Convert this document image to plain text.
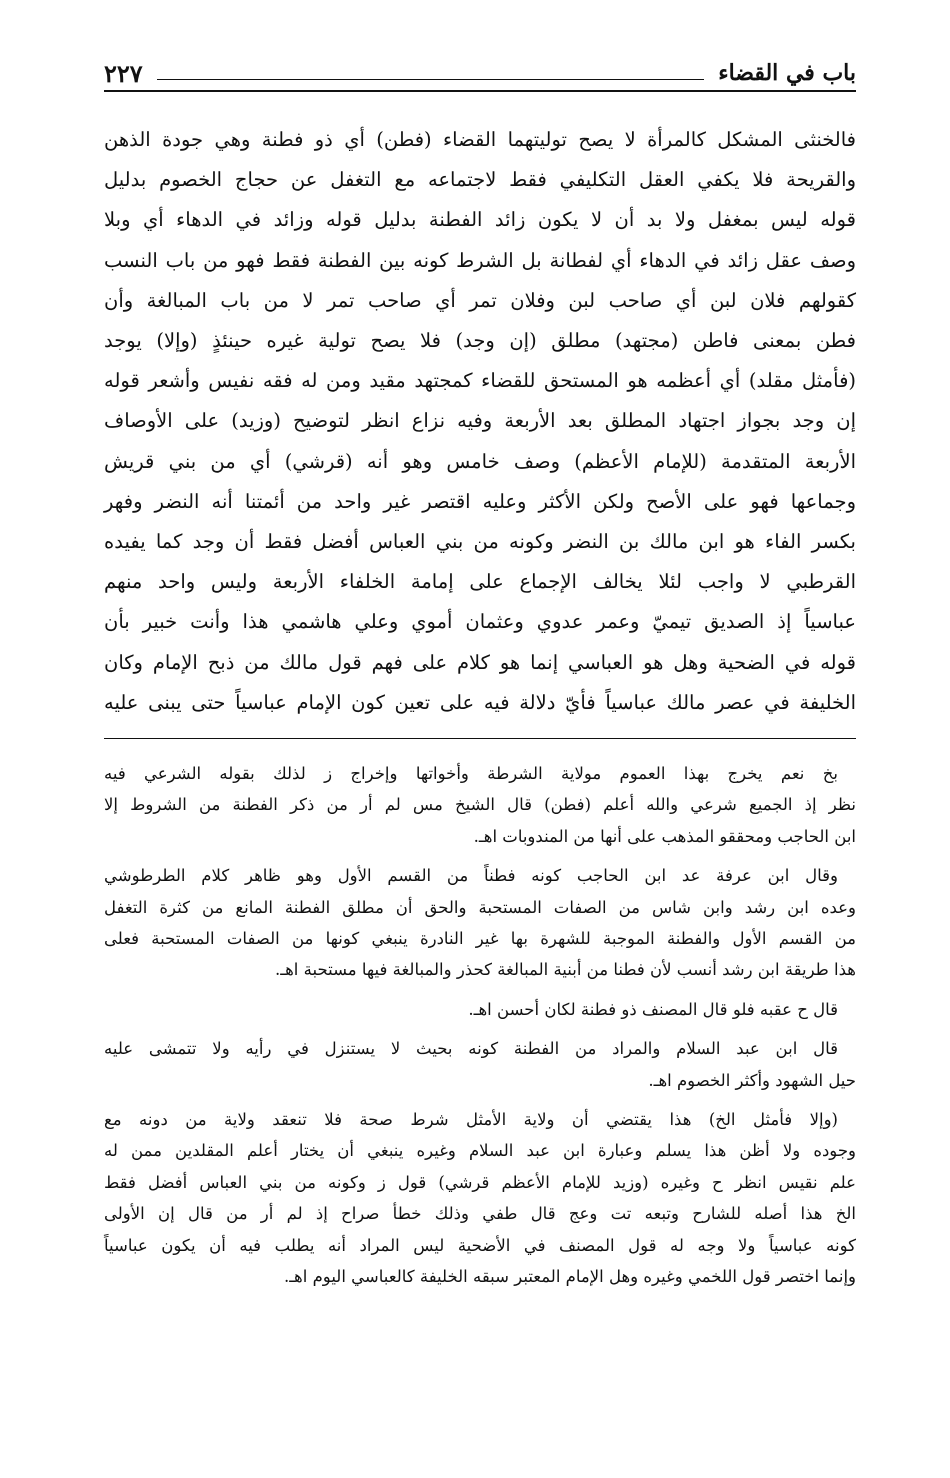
باب في القضاء
٢٢٧
فالخنثى المشكل كالمرأة لا يصح توليتهما القضاء (فطن) أي ذو فطنة وهي جودة الذهن
والقريحة فلا يكفي العقل التكليفي فقط لاجتماعه مع التغفل عن حجاج الخصوم بدليل
قوله ليس بمغفل ولا بد أن لا يكون زائد الفطنة بدليل قوله وزائد في الدهاء أي وبلا
وصف عقل زائد في الدهاء أي لفطانة بل الشرط كونه بين الفطنة فقط فهو من باب النسب
كقولهم فلان لبن أي صاحب لبن وفلان تمر أي صاحب تمر لا من باب المبالغة وأن
فطن بمعنى فاطن (مجتهد) مطلق (إن وجد) فلا يصح تولية غيره حينئذٍ (وإلا) يوجد
(فأمثل مقلد) أي أعظمه هو المستحق للقضاء كمجتهد مقيد ومن له فقه نفيس وأشعر قوله
إن وجد بجواز اجتهاد المطلق بعد الأربعة وفيه نزاع انظر لتوضيح (وزيد) على الأوصاف
الأربعة المتقدمة (للإمام الأعظم) وصف خامس وهو أنه (قرشي) أي من بني قريش
وجماعها فهو على الأصح ولكن الأكثر وعليه اقتصر غير واحد من أئمتنا أنه النضر وفهر
بكسر الفاء هو ابن مالك بن النضر وكونه من بني العباس أفضل فقط أن وجد كما يفيده
القرطبي لا واجب لئلا يخالف الإجماع على إمامة الخلفاء الأربعة وليس واحد منهم
عباسياً إذ الصديق تيميّ وعمر عدوي وعثمان أموي وعلي هاشمي هذا وأنت خبير بأن
قوله في الضحية وهل هو العباسي إنما هو كلام على فهم قول مالك من ذبح الإمام وكان
الخليفة في عصر مالك عباسياً فأيّ دلالة فيه على تعين كون الإمام عباسياً حتى يبنى عليه
بخ نعم يخرج بهذا العموم مولاية الشرطة وأخواتها وإخراج ز لذلك بقوله الشرعي فيه
نظر إذ الجميع شرعي والله أعلم (فطن) قال الشيخ مس لم أر من ذكر الفطنة من الشروط إلا
ابن الحاجب ومحققو المذهب على أنها من المندوبات اهـ.
وقال ابن عرفة عد ابن الحاجب كونه فطناً من القسم الأول وهو ظاهر كلام الطرطوشي
وعده ابن رشد وابن شاس من الصفات المستحبة والحق أن مطلق الفطنة المانع من كثرة التغفل
من القسم الأول والفطنة الموجبة للشهرة بها غير النادرة ينبغي كونها من الصفات المستحبة فعلى
هذا طريقة ابن رشد أنسب لأن فطنا من أبنية المبالغة كحذر والمبالغة فيها مستحبة اهـ.
قال ح عقبه فلو قال المصنف ذو فطنة لكان أحسن اهـ.
قال ابن عبد السلام والمراد من الفطنة كونه بحيث لا يستنزل في رأيه ولا تتمشى عليه
حيل الشهود وأكثر الخصوم اهـ.
(وإلا فأمثل الخ) هذا يقتضي أن ولاية الأمثل شرط صحة فلا تنعقد ولاية من دونه مع
وجوده ولا أظن هذا يسلم وعبارة ابن عبد السلام وغيره ينبغي أن يختار أعلم المقلدين ممن له
علم نقيس انظر ح وغيره (وزيد للإمام الأعظم قرشي) قول ز وكونه من بني العباس أفضل فقط
الخ هذا أصله للشارح وتبعه تت وعج قال طفي وذلك خطأ صراح إذ لم أر من قال إن الأولى
كونه عباسياً ولا وجه له قول المصنف في الأضحية ليس المراد أنه يطلب فيه أن يكون عباسياً
وإنما اختصر قول اللخمي وغيره وهل الإمام المعتبر سبقه الخليفة كالعباسي اليوم اهـ.
